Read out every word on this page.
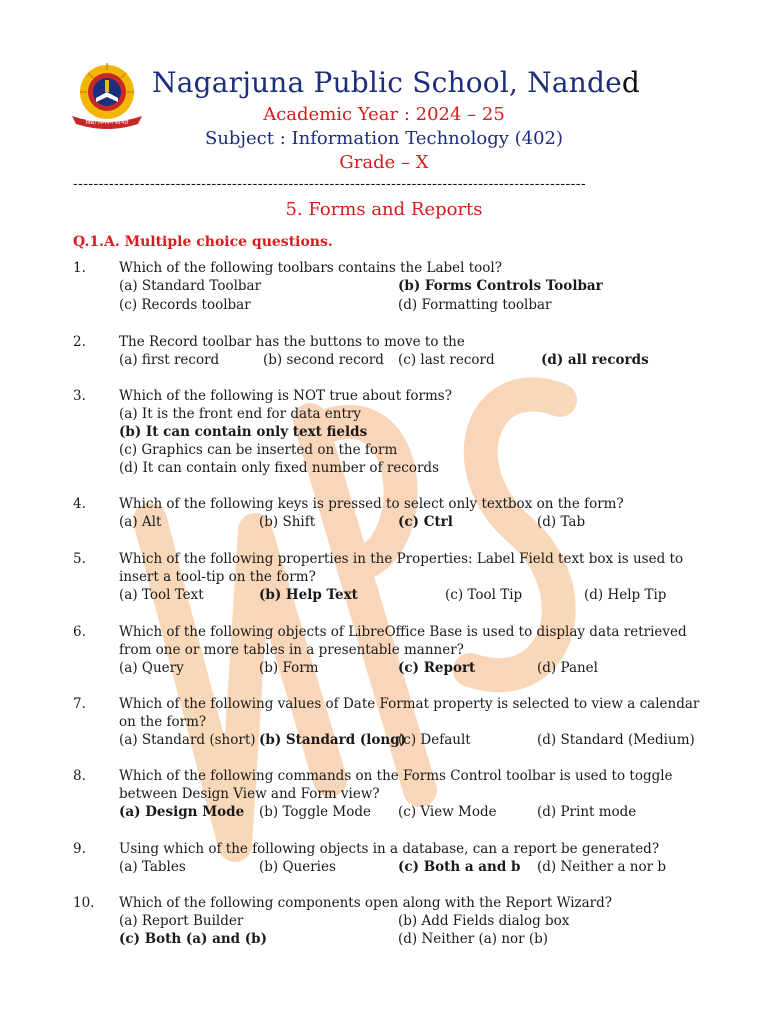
विद्या विनयेन शोभते
Nagarjuna Public School, Nanded
Academic Year : 2024 – 25
Subject : Information Technology (402)
Grade – X
----------------------------------------------------------------------------------------------------
5. Forms and Reports
Q.1.A. Multiple choice questions.
1. Which of the following toolbars contains the Label tool?
(a) Standard Toolbar	(b) Forms Controls Toolbar
(c) Records toolbar	(d) Formatting toolbar
2. The Record toolbar has the buttons to move to the
(a) first record	(b) second record (c) last record	(d) all records
3. Which of the following is NOT true about forms?
(a) It is the front end for data entry
(b) It can contain only text fields
(c) Graphics can be inserted on the form
(d) It can contain only fixed number of records
4. Which of the following keys is pressed to select only textbox on the form?
(a) Alt	(b) Shift	(c) Ctrl	(d) Tab
5. Which of the following properties in the Properties: Label Field text box is used to
insert a tool-tip on the form?
(a) Tool Text	(b) Help Text	(c) Tool Tip	(d) Help Tip
6. Which of the following objects of LibreOffice Base is used to display data retrieved
from one or more tables in a presentable manner?
(a) Query	(b) Form	(c) Report	(d) Panel
7. Which of the following values of Date Format property is selected to view a calendar
on the form?
(a) Standard (short) (b) Standard (long)
(c) Default	(d) Standard (Medium)
8. Which of the following commands on the Forms Control toolbar is used to toggle
between Design View and Form view?
(a) Design Mode (b) Toggle Mode (c) View Mode	(d) Print mode
9. Using which of the following objects in a database, can a report be generated?
(a) Tables	(b) Queries	(c) Both a and b (d) Neither a nor b
10. Which of the following components open along with the Report Wizard?
(a) Report Builder	(b) Add Fields dialog box
(c) Both (a) and (b)	(d) Neither (a) nor (b)
